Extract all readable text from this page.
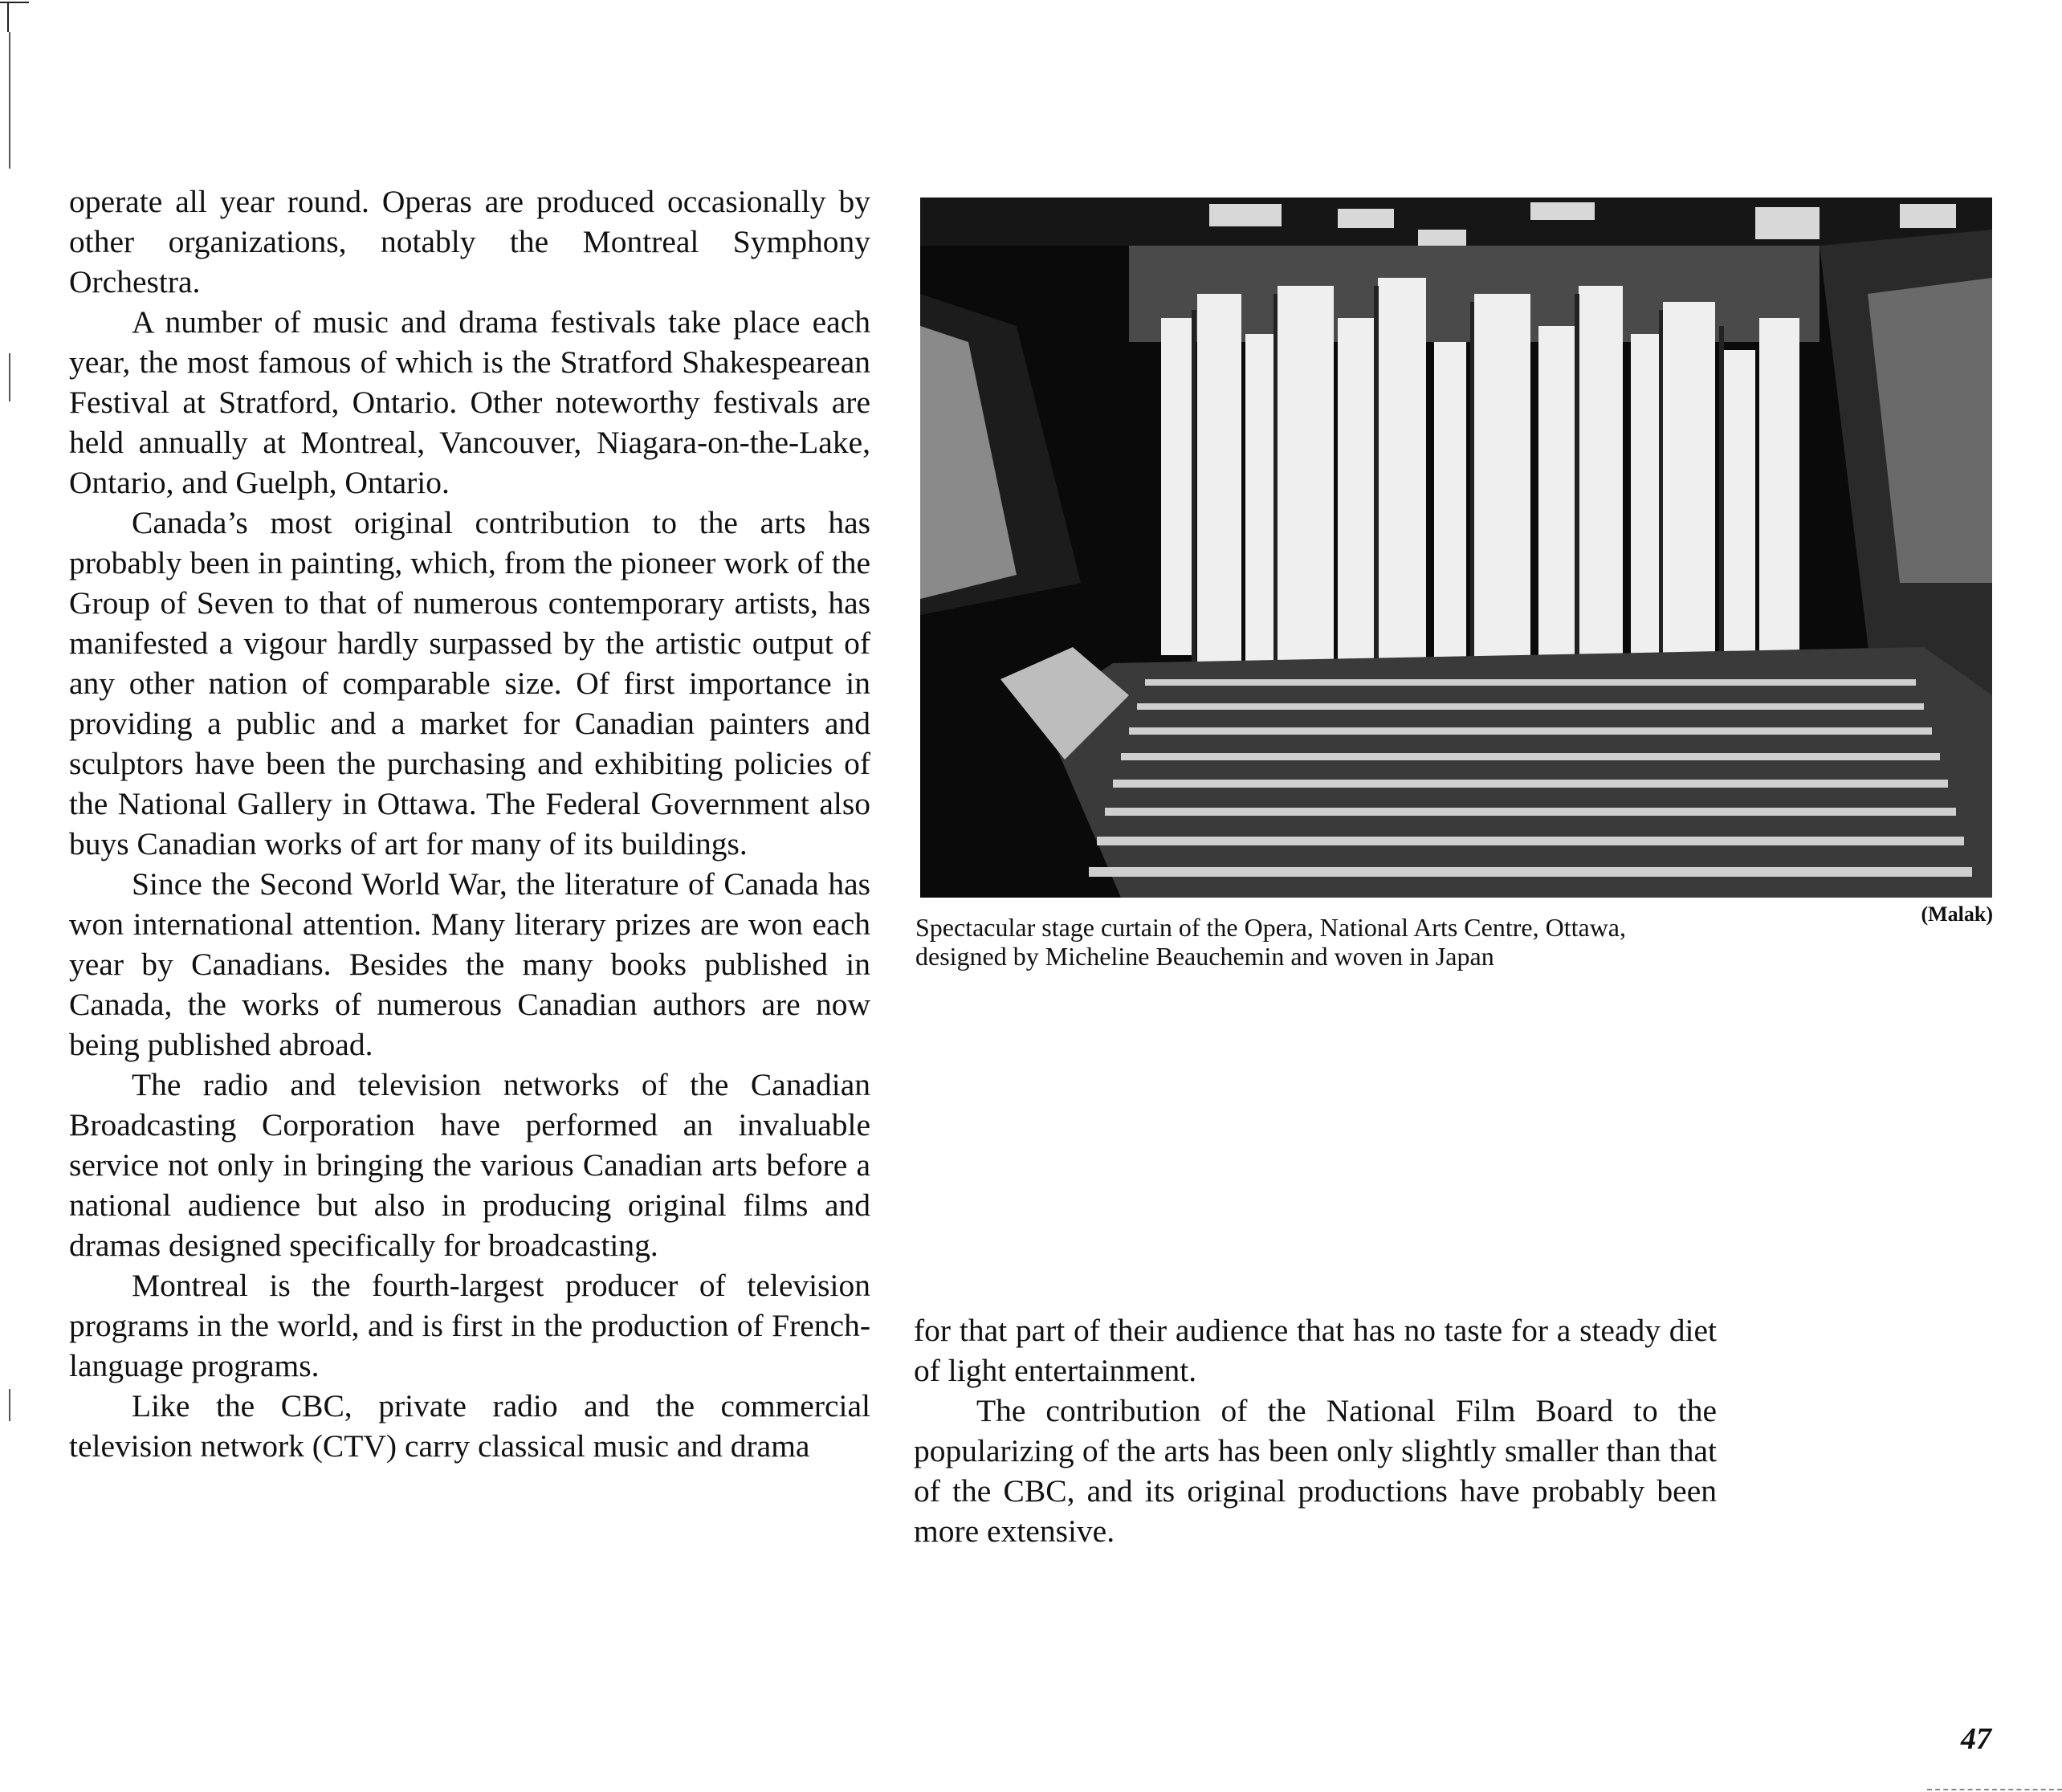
operate all year round. Operas are produced occasionally by other organizations, notably the Montreal Symphony Orchestra.

A number of music and drama festivals take place each year, the most famous of which is the Stratford Shakespearean Festival at Stratford, Ontario. Other noteworthy festivals are held annually at Montreal, Vancouver, Niagara-on-the-Lake, Ontario, and Guelph, Ontario.

Canada’s most original contribution to the arts has probably been in painting, which, from the pioneer work of the Group of Seven to that of numerous contemporary artists, has manifested a vigour hardly surpassed by the artistic output of any other nation of comparable size. Of first importance in providing a public and a market for Canadian painters and sculptors have been the purchasing and exhibiting policies of the National Gallery in Ottawa. The Federal Government also buys Canadian works of art for many of its buildings.

Since the Second World War, the literature of Canada has won international attention. Many literary prizes are won each year by Canadians. Besides the many books published in Canada, the works of numerous Canadian authors are now being published abroad.

The radio and television networks of the Canadian Broadcasting Corporation have performed an invaluable service not only in bringing the various Canadian arts before a national audience but also in producing original films and dramas designed specifically for broadcasting.

Montreal is the fourth-largest producer of television programs in the world, and is first in the production of French-language programs.

Like the CBC, private radio and the commercial television network (CTV) carry classical music and drama

Spectacular stage curtain of the Opera, National Arts Centre, Ottawa, designed by Micheline Beauchemin and woven in Japan
(Malak)

for that part of their audience that has no taste for a steady diet of light entertainment.

The contribution of the National Film Board to the popularizing of the arts has been only slightly smaller than that of the CBC, and its original productions have probably been more extensive.

47
